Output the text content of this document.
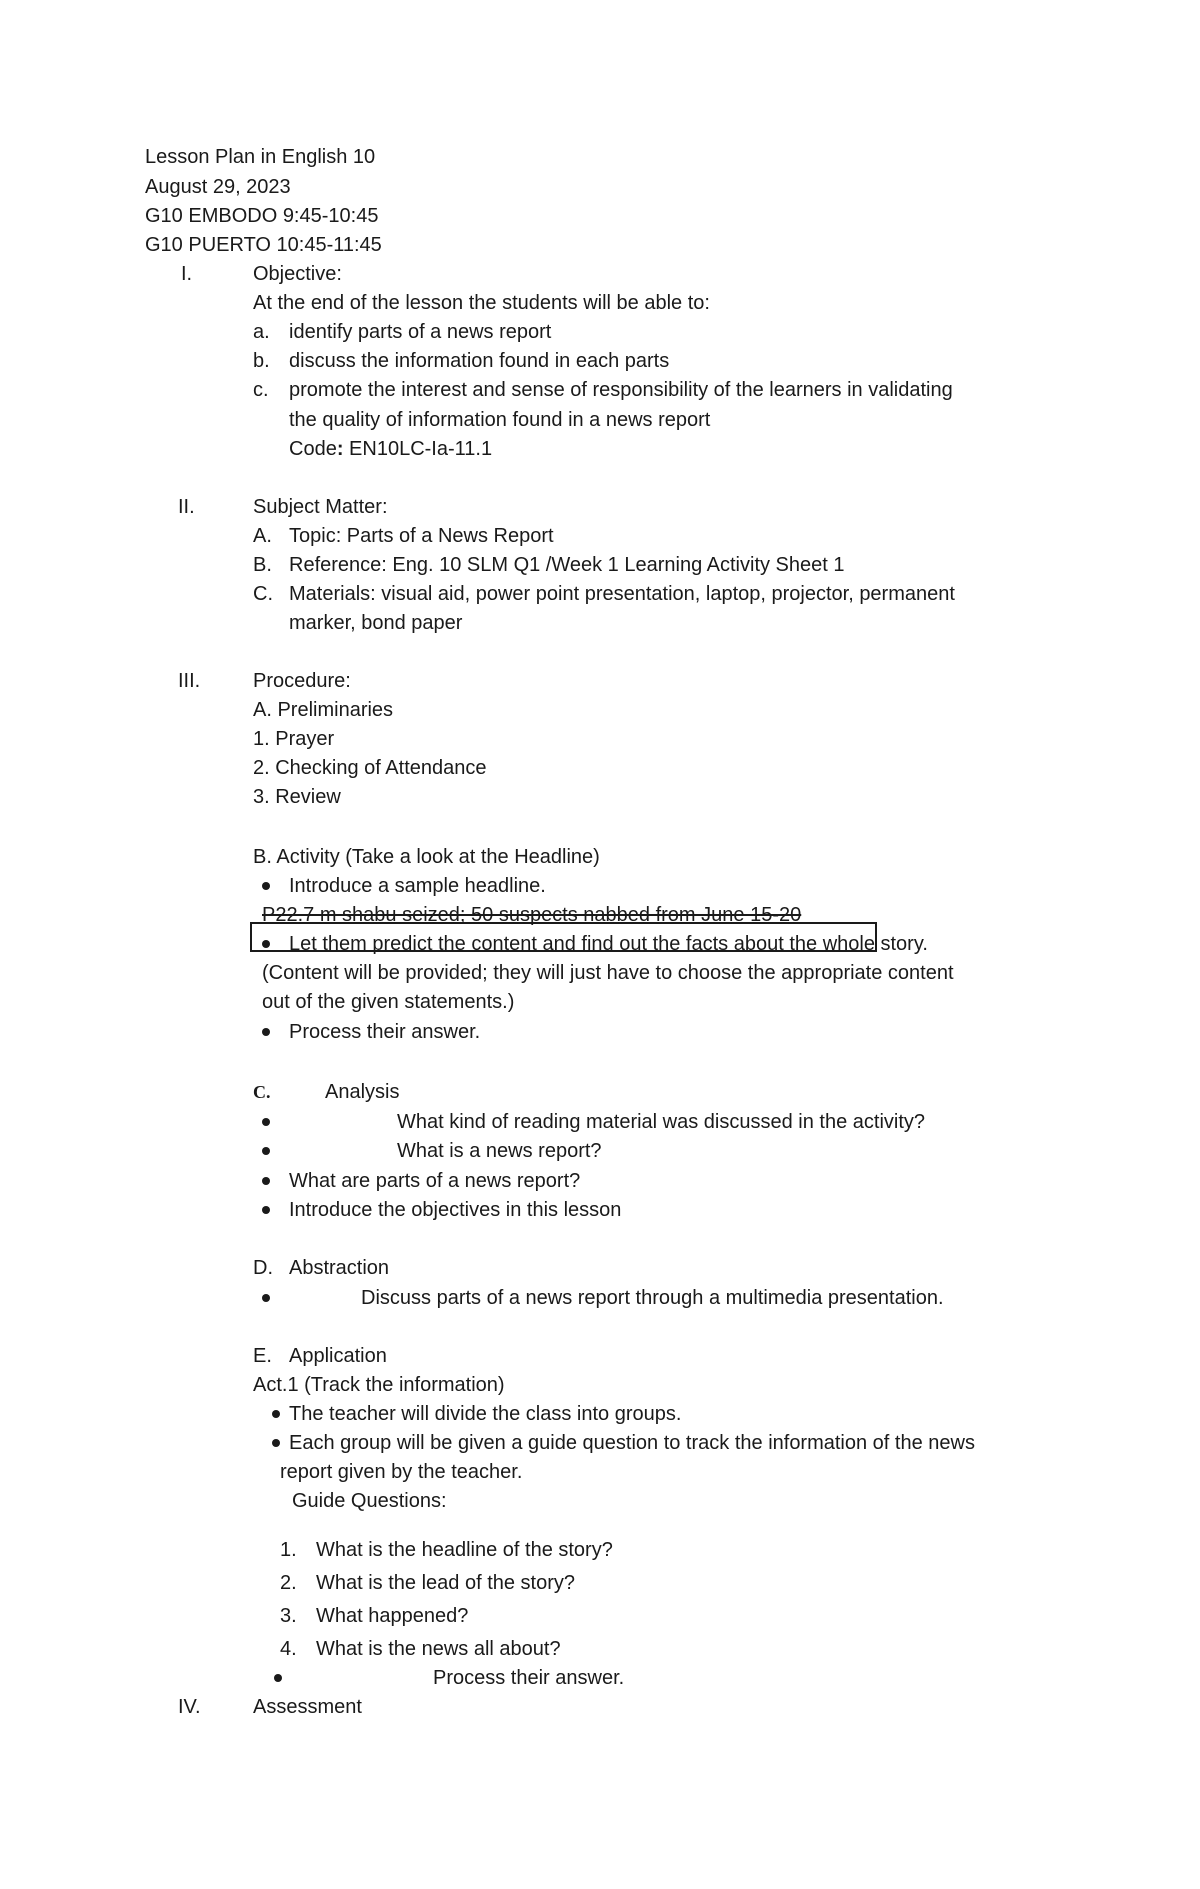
Lesson Plan in English 10
August 29, 2023
G10 EMBODO 9:45-10:45
G10 PUERTO 10:45-11:45
I.	Objective:
At the end of the lesson the students will be able to:
a. identify parts of a news report
b. discuss the information found in each parts
c. promote the interest and sense of responsibility of the learners in validating
the quality of information found in a news report
Code: EN10LC-Ia-11.1
II.	Subject Matter:
A. Topic: Parts of a News Report
B. Reference: Eng. 10 SLM Q1 /Week 1 Learning Activity Sheet 1
C. Materials: visual aid, power point presentation, laptop, projector, permanent
marker, bond paper
III.	Procedure:
A. Preliminaries
1. Prayer
2. Checking of Attendance
3. Review
B. Activity (Take a look at the Headline)
Introduce a sample headline.
P22.7 m shabu seized; 50 suspects nabbed from June 15-20
Let them predict the content and find out the facts about the whole story.
(Content will be provided; they will just have to choose the appropriate content
out of the given statements.)
Process their answer.
C.	Analysis
What kind of reading material was discussed in the activity?
What is a news report?
What are parts of a news report?
Introduce the objectives in this lesson
D. Abstraction
Discuss parts of a news report through a multimedia presentation.
E. Application
Act.1 (Track the information)
The teacher will divide the class into groups.
Each group will be given a guide question to track the information of the news
report given by the teacher.
Guide Questions:
1. What is the headline of the story?
2. What is the lead of the story?
3. What happened?
4. What is the news all about?
Process their answer.
IV.	Assessment
